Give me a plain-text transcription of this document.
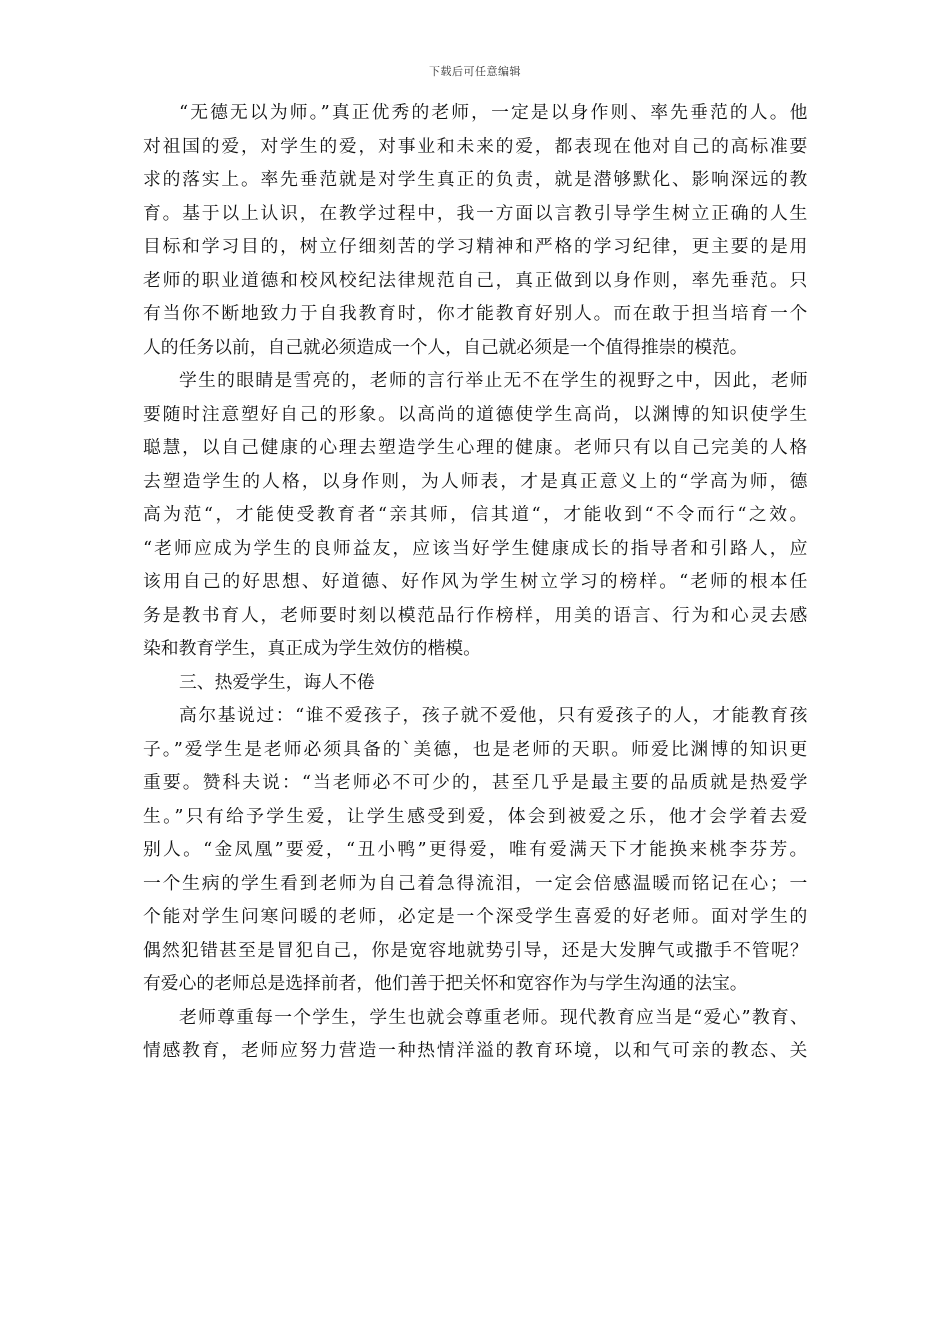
下载后可任意编辑
“无德无以为师。”真正优秀的老师，一定是以身作则、率先垂范的人。他
对祖国的爱，对学生的爱，对事业和未来的爱，都表现在他对自己的高标准要
求的落实上。率先垂范就是对学生真正的负责，就是潜够默化、影响深远的教
育。基于以上认识，在教学过程中，我一方面以言教引导学生树立正确的人生
目标和学习目的，树立仔细刻苦的学习精神和严格的学习纪律，更主要的是用
老师的职业道德和校风校纪法律规范自己，真正做到以身作则，率先垂范。只
有当你不断地致力于自我教育时，你才能教育好别人。而在敢于担当培育一个
人的任务以前，自己就必须造成一个人，自己就必须是一个值得推崇的模范。
学生的眼睛是雪亮的，老师的言行举止无不在学生的视野之中，因此，老师
要随时注意塑好自己的形象。以高尚的道德使学生高尚，以渊博的知识使学生
聪慧，以自己健康的心理去塑造学生心理的健康。老师只有以自己完美的人格
去塑造学生的人格，以身作则，为人师表，才是真正意义上的“学高为师，德
高为范“，才能使受教育者“亲其师，信其道“，才能收到“不令而行“之效。
“老师应成为学生的良师益友，应该当好学生健康成长的指导者和引路人，应
该用自己的好思想、好道德、好作风为学生树立学习的榜样。“老师的根本任
务是教书育人，老师要时刻以模范品行作榜样，用美的语言、行为和心灵去感
染和教育学生，真正成为学生效仿的楷模。
三、热爱学生，诲人不倦
高尔基说过：“谁不爱孩子，孩子就不爱他，只有爱孩子的人，才能教育孩
子。”爱学生是老师必须具备的`美德，也是老师的天职。师爱比渊博的知识更
重要。赞科夫说：“当老师必不可少的，甚至几乎是最主要的品质就是热爱学
生。”只有给予学生爱，让学生感受到爱，体会到被爱之乐，他才会学着去爱
别人。“金凤凰”要爱，“丑小鸭”更得爱，唯有爱满天下才能换来桃李芬芳。
一个生病的学生看到老师为自己着急得流泪，一定会倍感温暖而铭记在心；一
个能对学生问寒问暖的老师，必定是一个深受学生喜爱的好老师。面对学生的
偶然犯错甚至是冒犯自己，你是宽容地就势引导，还是大发脾气或撒手不管呢？
有爱心的老师总是选择前者，他们善于把关怀和宽容作为与学生沟通的法宝。
老师尊重每一个学生，学生也就会尊重老师。现代教育应当是“爱心”教育、
情感教育，老师应努力营造一种热情洋溢的教育环境，以和气可亲的教态、关
